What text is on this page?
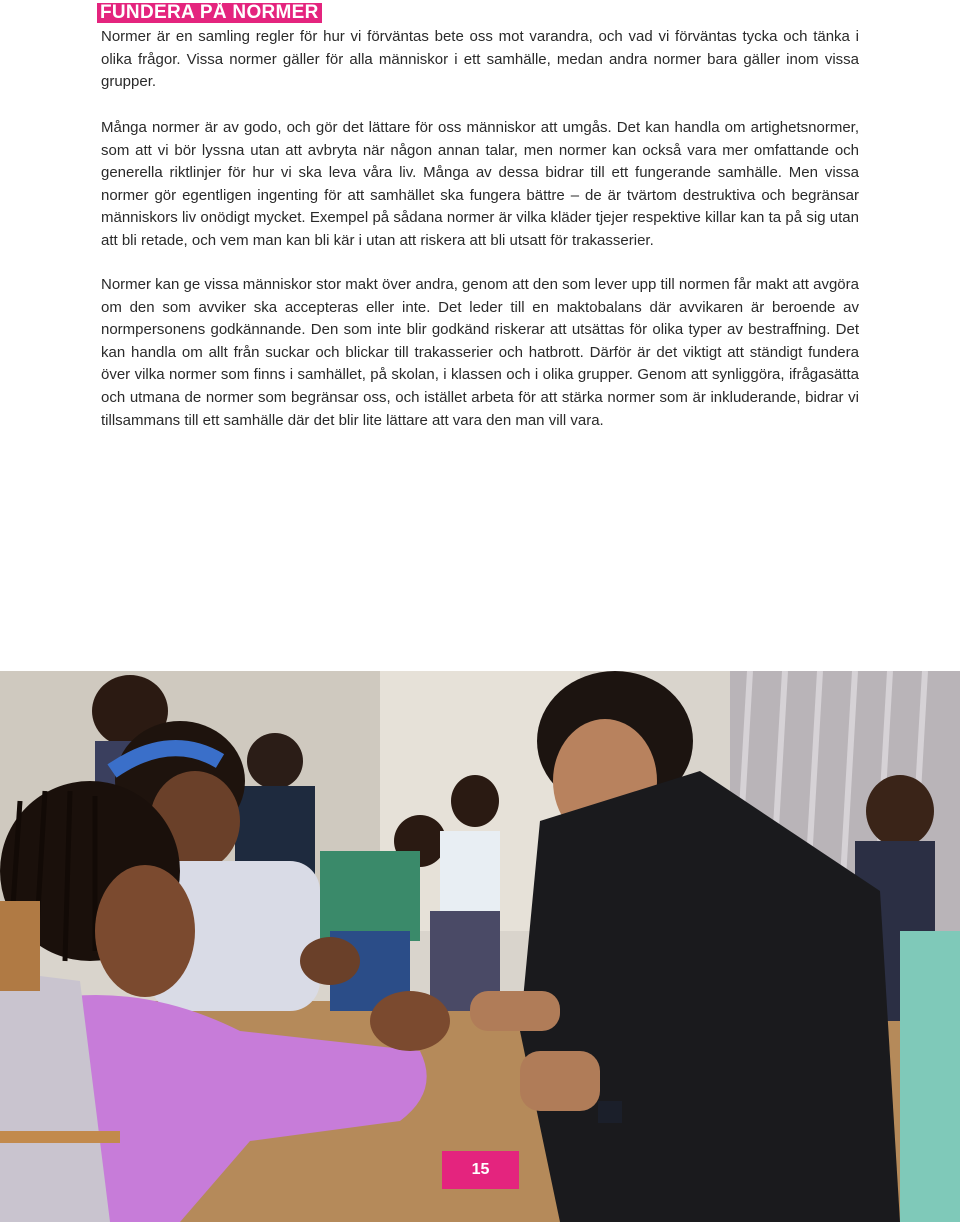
FUNDERA PÅ NORMER

Normer är en samling regler för hur vi förväntas bete oss mot varandra, och vad vi förväntas tycka och tänka i olika frågor. Vissa normer gäller för alla människor i ett samhälle, medan andra normer bara gäller inom vissa grupper.

Många normer är av godo, och gör det lättare för oss människor att umgås. Det kan handla om artighetsnormer, som att vi bör lyssna utan att avbryta när någon annan talar, men normer kan också vara mer omfattande och generella riktlinjer för hur vi ska leva våra liv. Många av dessa bidrar till ett fungerande samhälle. Men vissa normer gör egentligen ingenting för att samhället ska fungera bättre – de är tvärtom destruktiva och begränsar människors liv onödigt mycket. Exempel på sådana normer är vilka kläder tjejer respektive killar kan ta på sig utan att bli retade, och vem man kan bli kär i utan att riskera att bli utsatt för trakasserier.

Normer kan ge vissa människor stor makt över andra, genom att den som lever upp till normen får makt att avgöra om den som avviker ska accepteras eller inte. Det leder till en maktobalans där avvikaren är beroende av normpersonens godkännande. Den som inte blir godkänd riskerar att utsättas för olika typer av bestraffning. Det kan handla om allt från suckar och blickar till trakasserier och hatbrott. Därför är det viktigt att ständigt fundera över vilka normer som finns i samhället, på skolan, i klassen och i olika grupper. Genom att synliggöra, ifrågasätta och utmana de normer som begränsar oss, och istället arbeta för att stärka normer som är inkluderande, bidrar vi tillsammans till ett samhälle där det blir lite lättare att vara den man vill vara.

15
